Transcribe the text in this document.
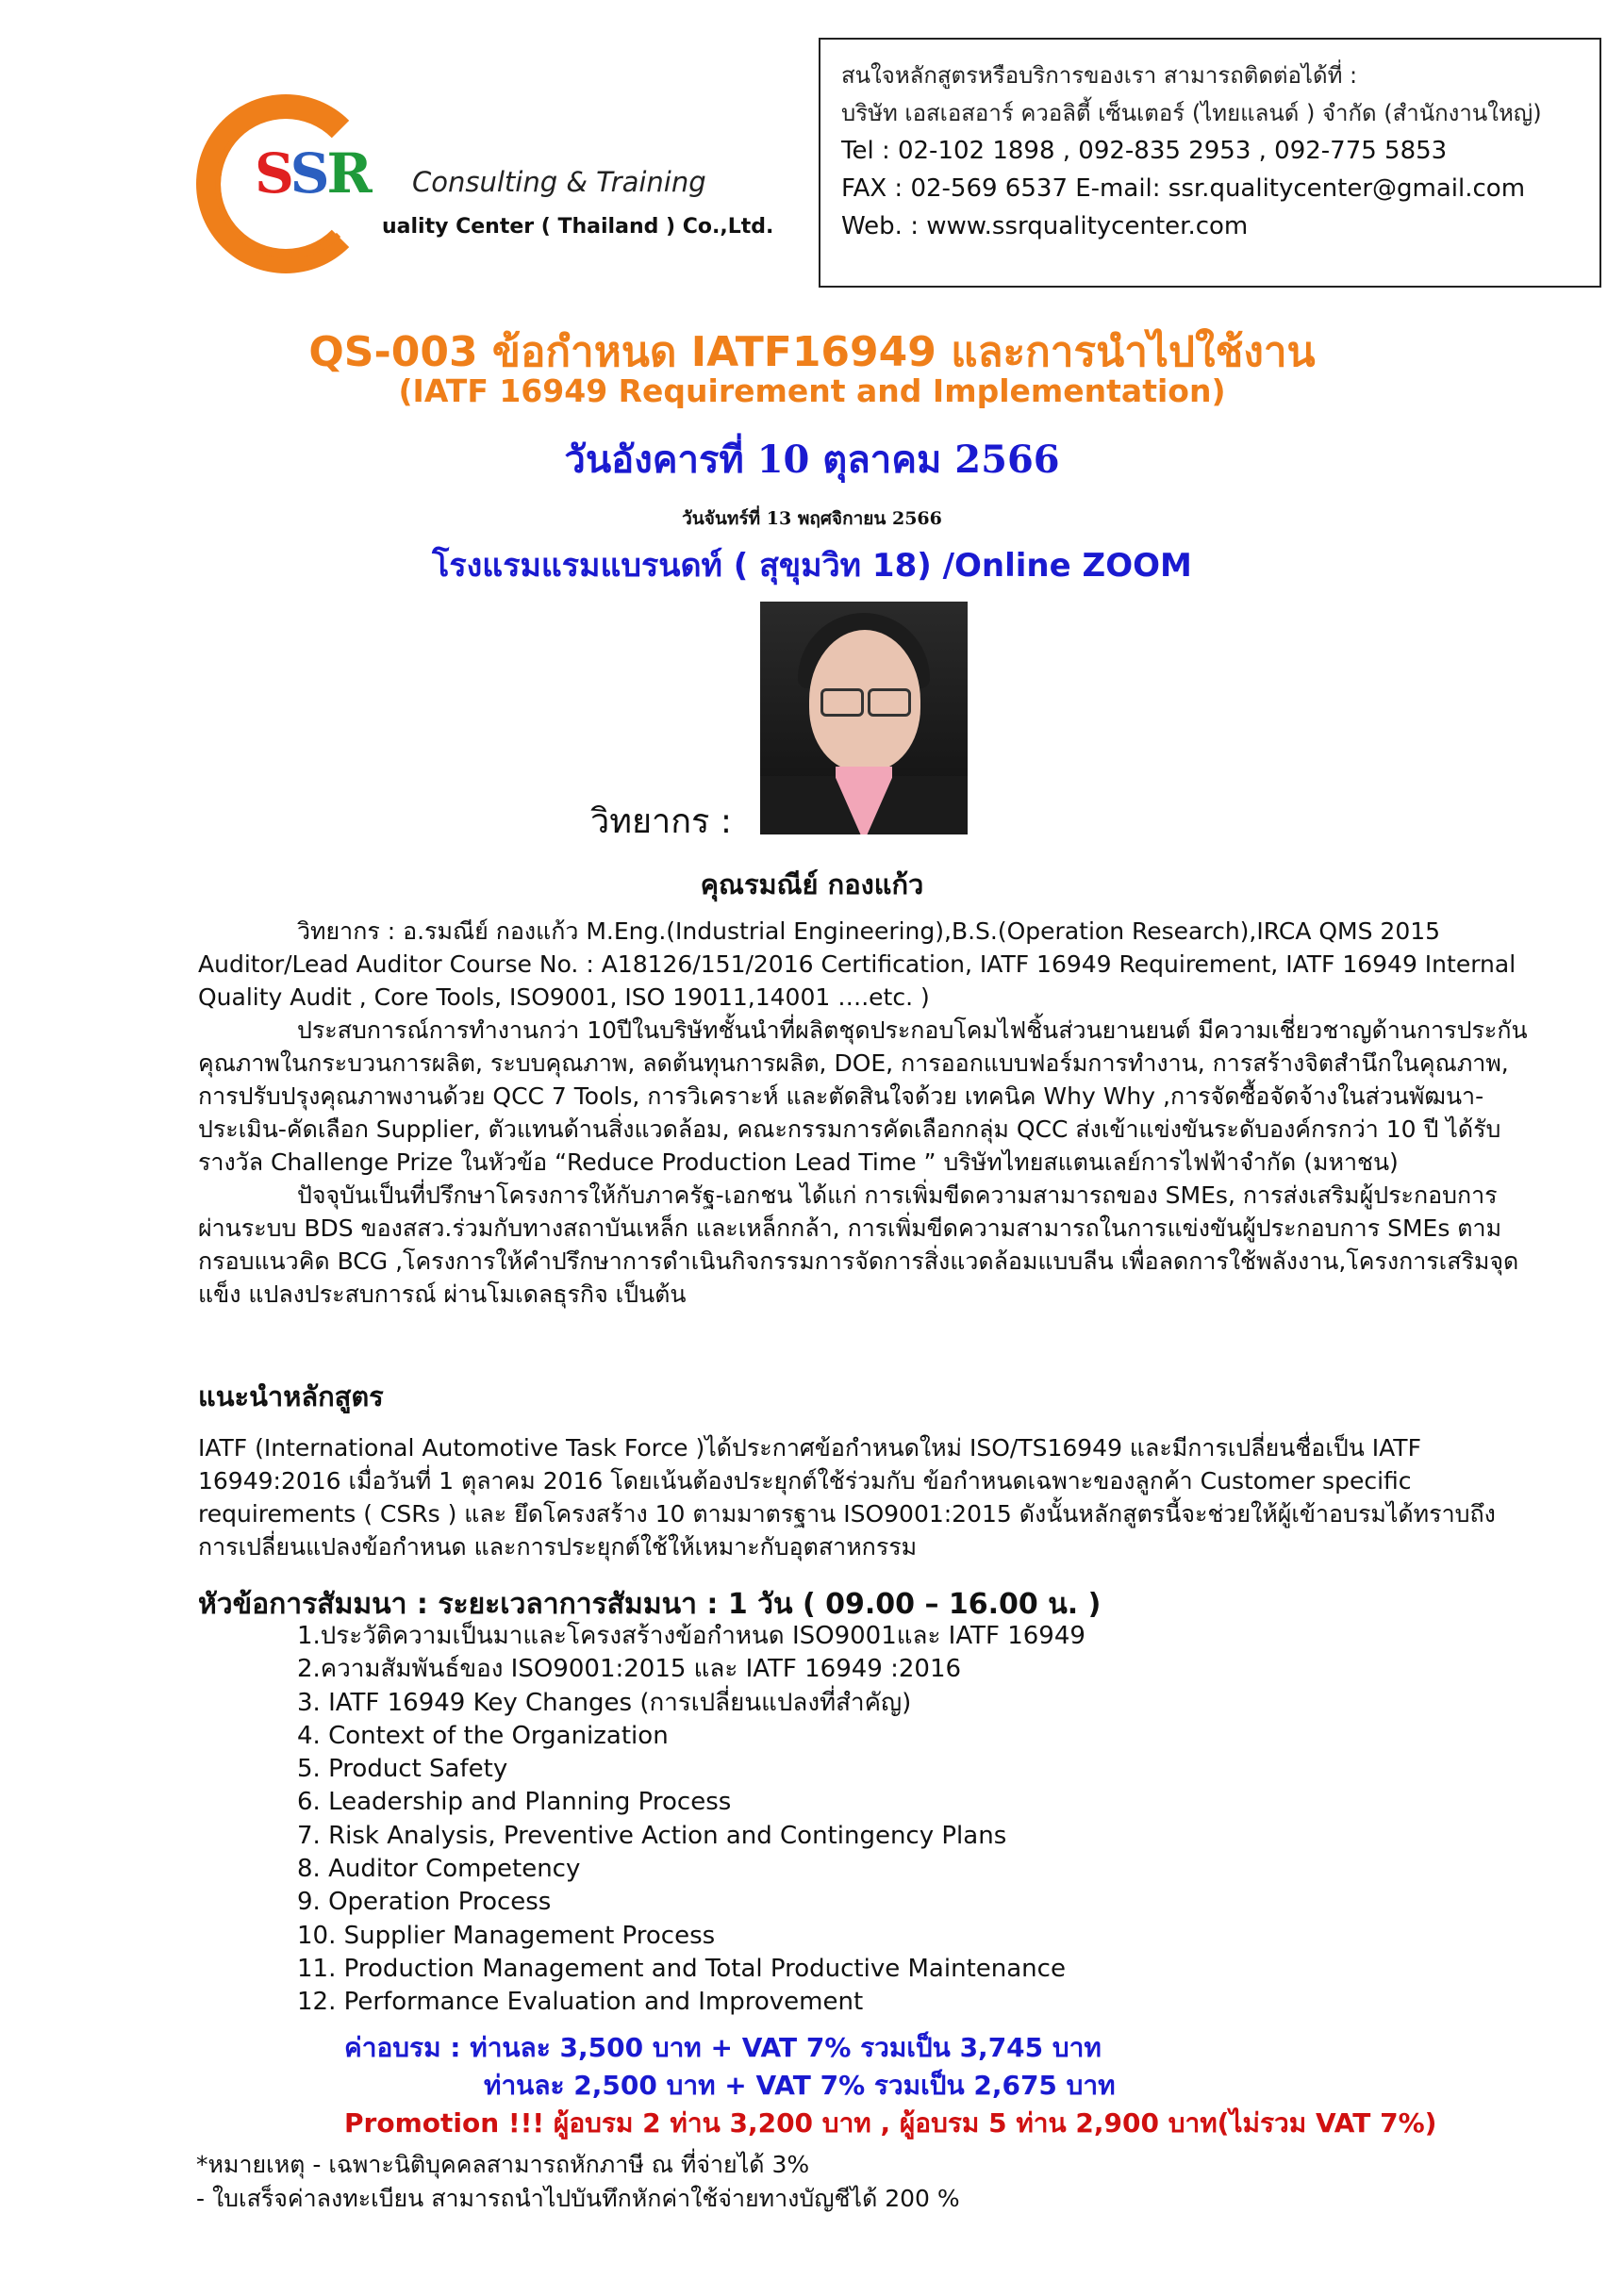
SSR Consulting & Training
uality Center ( Thailand ) Co.,Ltd.
สนใจหลักสูตรหรือบริการของเรา สามารถติดต่อได้ที่ :
บริษัท เอสเอสอาร์ ควอลิตี้ เซ็นเตอร์ (ไทยแลนด์ ) จำกัด (สำนักงานใหญ่)
Tel : 02-102 1898 , 092-835 2953 , 092-775 5853
FAX : 02-569 6537 E-mail: ssr.qualitycenter@gmail.com
Web. : www.ssrqualitycenter.com
QS-003 ข้อกำหนด IATF16949 และการนำไปใช้งาน
(IATF 16949 Requirement and Implementation)
วันอังคารที่ 10 ตุลาคม 2566
วันจันทร์ที่ 13 พฤศจิกายน 2566
โรงแรมแรมแบรนดท์ ( สุขุมวิท 18) /Online ZOOM
วิทยากร :
คุณรมณีย์ กองแก้ว

วิทยากร : อ.รมณีย์ กองแก้ว M.Eng.(Industrial Engineering),B.S.(Operation Research),IRCA QMS 2015 Auditor/Lead Auditor Course No. : A18126/151/2016 Certification, IATF 16949 Requirement, IATF 16949 Internal Quality Audit , Core Tools, ISO9001, ISO 19011,14001 ….etc. )

ประสบการณ์การทำงานกว่า 10ปีในบริษัทชั้นนำที่ผลิตชุดประกอบโคมไฟชิ้นส่วนยานยนต์ มีความเชี่ยวชาญด้านการประกันคุณภาพในกระบวนการผลิต, ระบบคุณภาพ, ลดต้นทุนการผลิต, DOE, การออกแบบฟอร์มการทำงาน, การสร้างจิตสำนึกในคุณภาพ, การปรับปรุงคุณภาพงานด้วย QCC 7 Tools, การวิเคราะห์ และตัดสินใจด้วย เทคนิค Why Why ,การจัดซื้อจัดจ้างในส่วนพัฒนา-ประเมิน-คัดเลือก Supplier, ตัวแทนด้านสิ่งแวดล้อม, คณะกรรมการคัดเลือกกลุ่ม QCC ส่งเข้าแข่งขันระดับองค์กรกว่า 10 ปี ได้รับรางวัล Challenge Prize ในหัวข้อ “Reduce Production Lead Time ” บริษัทไทยสแตนเลย์การไฟฟ้าจำกัด (มหาชน)

ปัจจุบันเป็นที่ปรึกษาโครงการให้กับภาครัฐ-เอกชน ได้แก่ การเพิ่มขีดความสามารถของ SMEs, การส่งเสริมผู้ประกอบการผ่านระบบ BDS ของสสว.ร่วมกับทางสถาบันเหล็ก และเหล็กกล้า, การเพิ่มขีดความสามารถในการแข่งขันผู้ประกอบการ SMEs ตามกรอบแนวคิด BCG ,โครงการให้คำปรึกษาการดำเนินกิจกรรมการจัดการสิ่งแวดล้อมแบบลีน เพื่อลดการใช้พลังงาน,โครงการเสริมจุดแข็ง แปลงประสบการณ์ ผ่านโมเดลธุรกิจ เป็นต้น

แนะนำหลักสูตร

IATF (International Automotive Task Force )ได้ประกาศข้อกำหนดใหม่ ISO/TS16949 และมีการเปลี่ยนชื่อเป็น IATF 16949:2016 เมื่อวันที่ 1 ตุลาคม 2016 โดยเน้นต้องประยุกต์ใช้ร่วมกับ ข้อกำหนดเฉพาะของลูกค้า Customer specific requirements ( CSRs ) และ ยึดโครงสร้าง 10 ตามมาตรฐาน ISO9001:2015 ดังนั้นหลักสูตรนี้จะช่วยให้ผู้เข้าอบรมได้ทราบถึงการเปลี่ยนแปลงข้อกำหนด และการประยุกต์ใช้ให้เหมาะกับอุตสาหกรรม

หัวข้อการสัมมนา : ระยะเวลาการสัมมนา : 1 วัน ( 09.00 – 16.00 น. )
1.ประวัติความเป็นมาและโครงสร้างข้อกำหนด ISO9001และ IATF 16949
2.ความสัมพันธ์ของ ISO9001:2015 และ IATF 16949 :2016
3. IATF 16949 Key Changes (การเปลี่ยนแปลงที่สำคัญ)
4. Context of the Organization
5. Product Safety
6. Leadership and Planning Process
7. Risk Analysis, Preventive Action and Contingency Plans
8. Auditor Competency
9. Operation Process
10. Supplier Management Process
11. Production Management and Total Productive Maintenance
12. Performance Evaluation and Improvement
ค่าอบรม : ท่านละ 3,500 บาท + VAT 7% รวมเป็น 3,745 บาท
ท่านละ 2,500 บาท + VAT 7% รวมเป็น 2,675 บาท
Promotion !!! ผู้อบรม 2 ท่าน 3,200 บาท , ผู้อบรม 5 ท่าน 2,900 บาท(ไม่รวม VAT 7%)
*หมายเหตุ - เฉพาะนิติบุคคลสามารถหักภาษี ณ ที่จ่ายได้ 3%
- ใบเสร็จค่าลงทะเบียน สามารถนำไปบันทึกหักค่าใช้จ่ายทางบัญชีได้ 200 %
